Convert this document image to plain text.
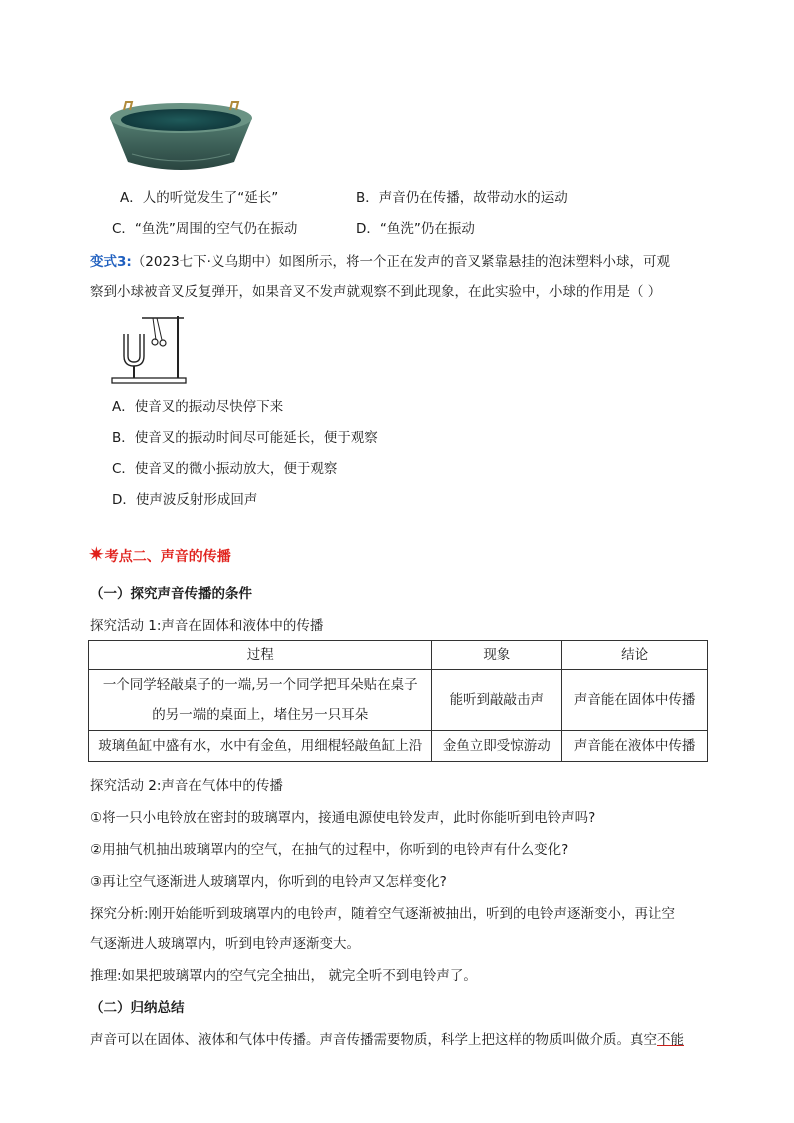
A．人的听觉发生了“延长”	B．声音仍在传播，故带动水的运动
C．“鱼洗”周围的空气仍在振动	D．“鱼洗”仍在振动
变式3:（2023七下·义乌期中）如图所示，将一个正在发声的音叉紧靠悬挂的泡沫塑料小球，可观
察到小球被音叉反复弹开，如果音叉不发声就观察不到此现象，在此实验中，小球的作用是（ ）
A．使音叉的振动尽快停下来
B．使音叉的振动时间尽可能延长，便于观察
C．使音叉的微小振动放大，便于观察
D．使声波反射形成回声
✷考点二、声音的传播
（一）探究声音传播的条件
探究活动 1:声音在固体和液体中的传播
过程	现象	结论

一个同学轻敲桌子的一端,另一个同学把耳朵贴在桌子
的另一端的桌面上，堵住另一只耳朵	能听到敲敲击声	声音能在固体中传播
玻璃鱼缸中盛有水，水中有金鱼，用细棍轻敲鱼缸上沿	金鱼立即受惊游动	声音能在液体中传播
探究活动 2:声音在气体中的传播
①将一只小电铃放在密封的玻璃罩内，接通电源使电铃发声，此时你能听到电铃声吗?
②用抽气机抽出玻璃罩内的空气，在抽气的过程中，你听到的电铃声有什么变化?
③再让空气逐渐进人玻璃罩内，你听到的电铃声又怎样变化?
探究分析:刚开始能听到玻璃罩内的电铃声，随着空气逐渐被抽出，听到的电铃声逐渐变小，再让空
气逐渐进人玻璃罩内，听到电铃声逐渐变大。
推理:如果把玻璃罩内的空气完全抽出， 就完全听不到电铃声了。
（二）归纳总结
声音可以在固体、液体和气体中传播。声音传播需要物质，科学上把这样的物质叫做介质。真空不能
